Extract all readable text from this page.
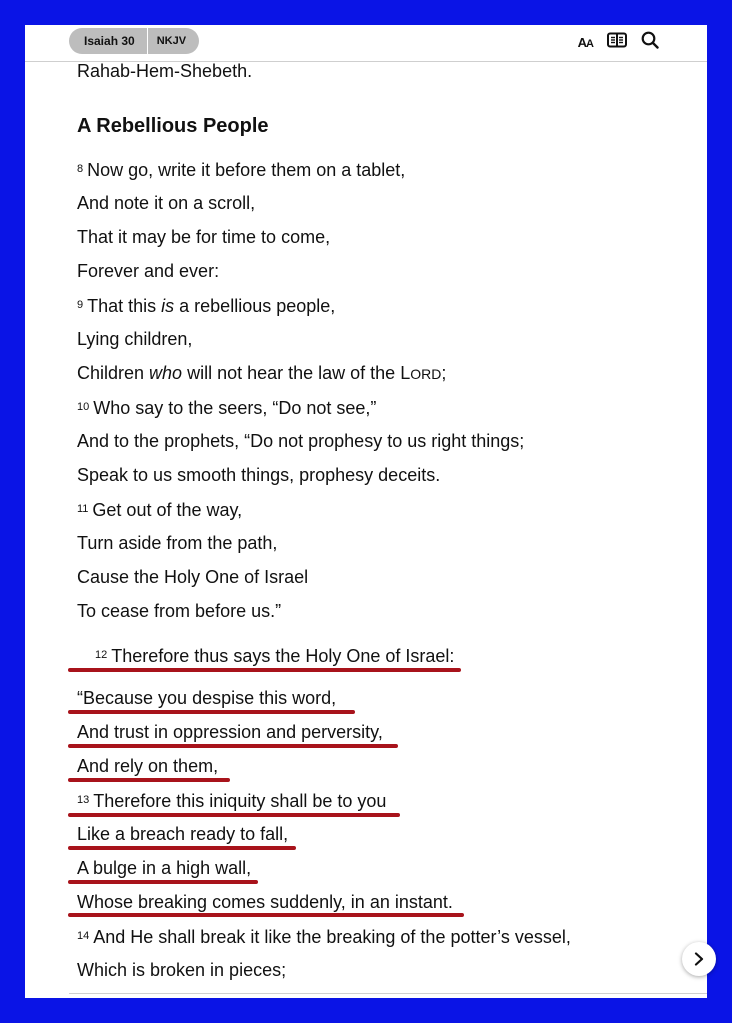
Isaiah 30	NKJV	AA
Rahab-Hem-Shebeth.
A Rebellious People
$^8$ Now go, write it before them on a tablet,
And note it on a scroll,
That it may be for time to come,
Forever and ever:
$^9$ That this is a rebellious people,
Lying children,
Children who will not hear the law of the LORD;
$^{10}$ Who say to the seers, “Do not see,”
And to the prophets, “Do not prophesy to us right things;
Speak to us smooth things, prophesy deceits.
$^{11}$ Get out of the way,
Turn aside from the path,
Cause the Holy One of Israel
To cease from before us.”
$^{12}$ Therefore thus says the Holy One of Israel:
“Because you despise this word,
And trust in oppression and perversity,
And rely on them,
$^{13}$ Therefore this iniquity shall be to you
Like a breach ready to fall,
A bulge in a high wall,
Whose breaking comes suddenly, in an instant.
$^{14}$ And He shall break it like the breaking of the potter’s vessel,
Which is broken in pieces;
